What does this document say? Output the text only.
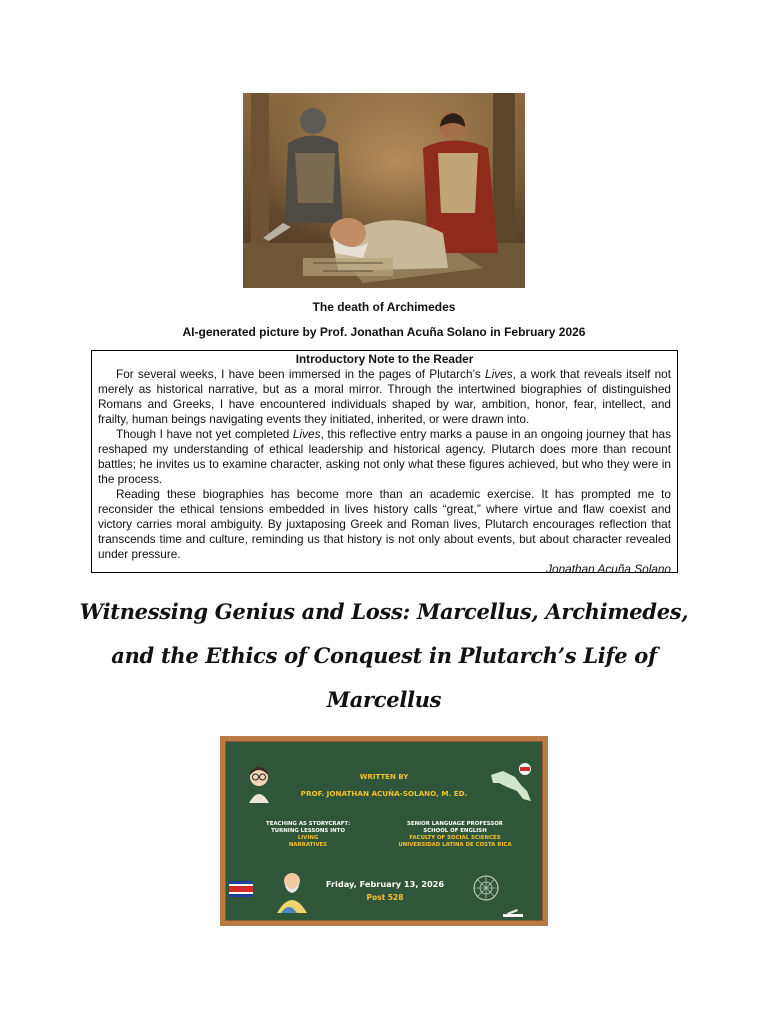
The death of Archimedes
AI-generated picture by Prof. Jonathan Acuña Solano in February 2026
Introductory Note to the Reader

For several weeks, I have been immersed in the pages of Plutarch’s Lives, a work that reveals itself not merely as historical narrative, but as a moral mirror. Through the intertwined biographies of distinguished Romans and Greeks, I have encountered individuals shaped by war, ambition, honor, fear, intellect, and frailty, human beings navigating events they initiated, inherited, or were drawn into.

Though I have not yet completed Lives, this reflective entry marks a pause in an ongoing journey that has reshaped my understanding of ethical leadership and historical agency. Plutarch does more than recount battles; he invites us to examine character, asking not only what these figures achieved, but who they were in the process.

Reading these biographies has become more than an academic exercise. It has prompted me to reconsider the ethical tensions embedded in lives history calls “great,” where virtue and flaw coexist and victory carries moral ambiguity. By juxtaposing Greek and Roman lives, Plutarch encourages reflection that transcends time and culture, reminding us that history is not only about events, but about character revealed under pressure.

Jonathan Acuña Solano
Witnessing Genius and Loss: Marcellus, Archimedes,
and the Ethics of Conquest in Plutarch’s Life of
Marcellus
WRITTEN BY
PROF. JONATHAN ACUÑA-SOLANO, M. ED.
TEACHING AS STORYCRAFT:
TURNING LESSONS INTO
LIVING
NARRATIVES
SENIOR LANGUAGE PROFESSOR
SCHOOL OF ENGLISH
FACULTY OF SOCIAL SCIENCES
UNIVERSIDAD LATINA DE COSTA RICA
Friday, February 13, 2026
Post 528
